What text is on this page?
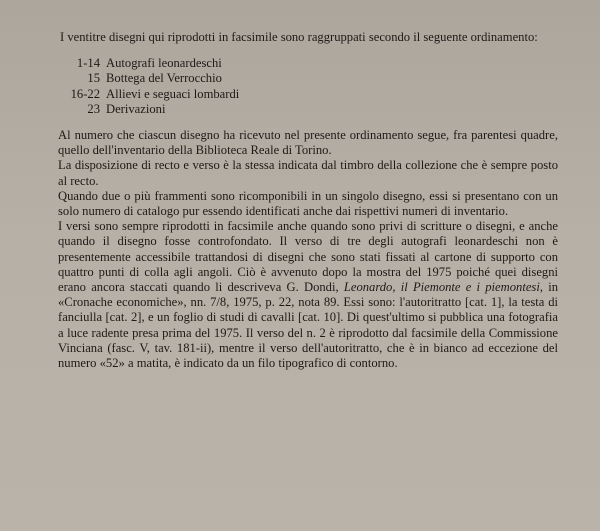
I ventitre disegni qui riprodotti in facsimile sono raggruppati secondo il seguente ordinamento:

1-14 Autografi leonardeschi
15 Bottega del Verrocchio
16-22 Allievi e seguaci lombardi
23 Derivazioni

Al numero che ciascun disegno ha ricevuto nel presente ordinamento segue, fra parentesi quadre, quello dell'inventario della Biblioteca Reale di Torino.

La disposizione di recto e verso è la stessa indicata dal timbro della collezione che è sempre posto al recto.

Quando due o più frammenti sono ricomponibili in un singolo disegno, essi si presentano con un solo numero di catalogo pur essendo identificati anche dai rispettivi numeri di inventario.

I versi sono sempre riprodotti in facsimile anche quando sono privi di scritture o disegni, e anche quando il disegno fosse controfondato. Il verso di tre degli autografi leonardeschi non è presentemente accessibile trattandosi di disegni che sono stati fissati al cartone di supporto con quattro punti di colla agli angoli. Ciò è avvenuto dopo la mostra del 1975 poiché quei disegni erano ancora staccati quando li descriveva G. Dondi, Leonardo, il Piemonte e i piemontesi, in «Cronache economiche», nn. 7/8, 1975, p. 22, nota 89. Essi sono: l'autoritratto [cat. 1], la testa di fanciulla [cat. 2], e un foglio di studi di cavalli [cat. 10]. Di quest'ultimo si pubblica una fotografia a luce radente presa prima del 1975. Il verso del n. 2 è riprodotto dal facsimile della Commissione Vinciana (fasc. V, tav. 181-ii), mentre il verso dell'autoritratto, che è in bianco ad eccezione del numero «52» a matita, è indicato da un filo tipografico di contorno.
